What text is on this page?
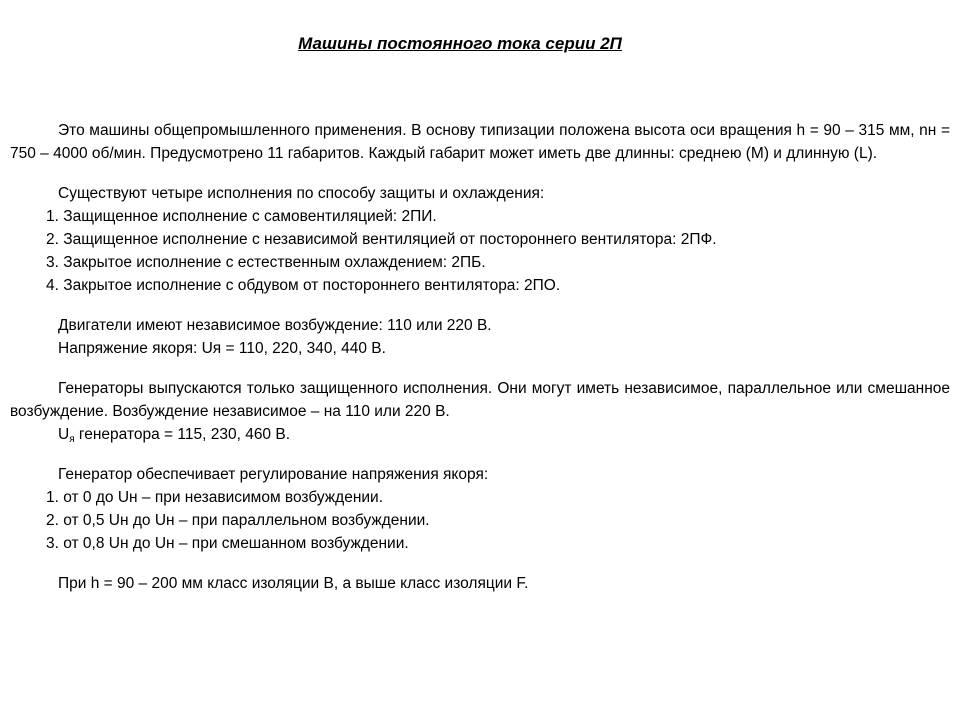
Машины постоянного тока серии 2П

Это машины общепромышленного применения. В основу типизации положена высота оси вращения h = 90 – 315 мм, nн = 750 – 4000 об/мин. Предусмотрено 11 габаритов. Каждый габарит может иметь две длинны: среднею (М) и длинную (L).

Существуют четыре исполнения по способу защиты и охлаждения:
1. Защищенное исполнение с самовентиляцией: 2ПИ.
2. Защищенное исполнение с независимой вентиляцией от постороннего вентилятора: 2ПФ.
3. Закрытое исполнение с естественным охлаждением: 2ПБ.
4. Закрытое исполнение с обдувом от постороннего вентилятора: 2ПО.
Двигатели имеют независимое возбуждение: 110 или 220 В.
Напряжение якоря: Uя = 110, 220, 340, 440 В.

Генераторы выпускаются только защищенного исполнения. Они могут иметь независимое, параллельное или смешанное возбуждение. Возбуждение независимое – на 110 или 220 В.

$U_я$ генератора = 115, 230, 460 В.
Генератор обеспечивает регулирование напряжения якоря:
1. от 0 до Uн – при независимом возбуждении.
2. от 0,5 Uн до Uн – при параллельном возбуждении.
3. от 0,8 Uн до Uн – при смешанном возбуждении.
При h = 90 – 200 мм класс изоляции В, а выше класс изоляции F.
